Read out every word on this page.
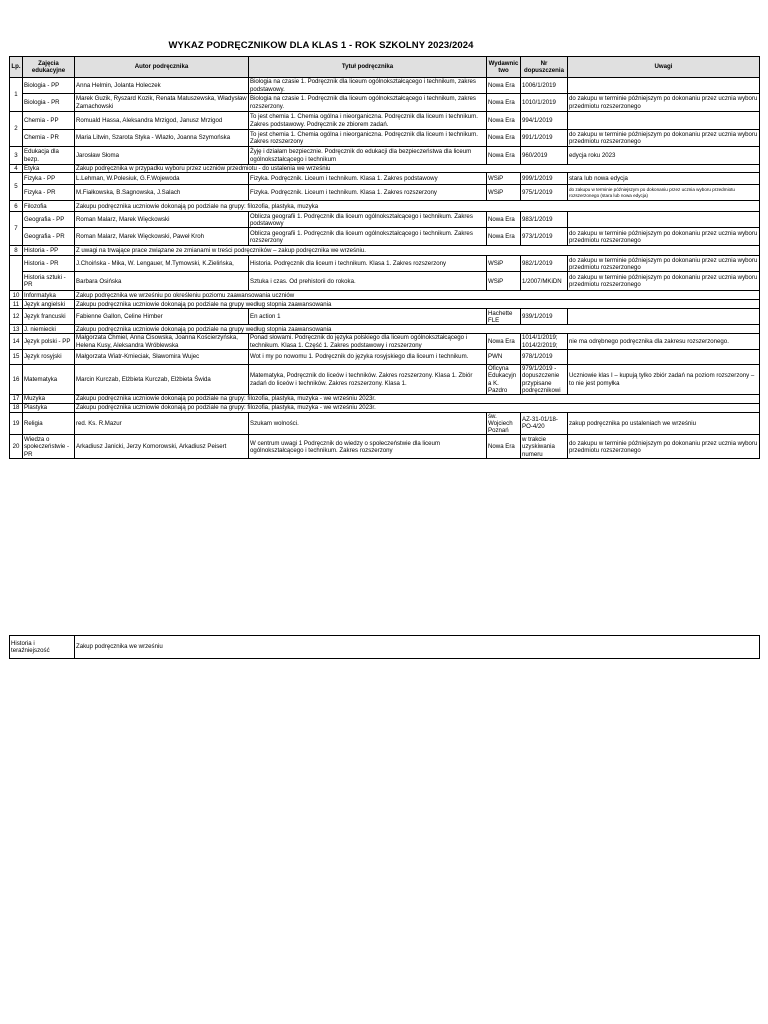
WYKAZ PODRĘCZNIKOW DLA KLAS 1 - ROK SZKOLNY 2023/2024
Lp.	Zajęcia edukacyjne	Autor podręcznika	Tytuł podręcznika	Wydawnictwo	Nr dopuszczenia	Uwagi
1	Biologia - PP	Anna Helmin, Jolanta Holeczek	Biologia na czasie 1. Podręcznik dla liceum ogólnokształcącego i technikum, zakres podstawowy.	Nowa Era	1006/1/2019	
	Biologia - PR	Marek Guzik, Ryszard Kozik, Renata Matuszewska, Władysław Zamachowski	Biologia na czasie 1. Podręcznik dla liceum ogólnokształcącego i technikum, zakres rozszerzony.	Nowa Era	1010/1/2019	do zakupu w terminie późniejszym po dokonaniu przez ucznia wyboru przedmiotu rozszerzonego
2	Chemia - PP	Romuald Hassa, Aleksandra Mrzigod, Janusz Mrzigod	To jest chemia 1. Chemia ogólna i nieorganiczna. Podręcznik dla liceum i technikum. Zakres podstawowy. Podręcznik ze zbiorem zadań.	Nowa Era	994/1/2019	
	Chemia - PR	Maria Litwin, Szarota Styka - Wlazło, Joanna Szymońska	To jest chemia 1. Chemia ogólna i nieorganiczna. Podręcznik dla liceum i technikum. Zakres rozszerzony	Nowa Era	991/1/2019	do zakupu w terminie późniejszym po dokonaniu przez ucznia wyboru przedmiotu rozszerzonego
3	Edukacja dla bezp.	Jarosław Słoma	Żyję i działam bezpiecznie. Podręcznik do edukacji dla bezpieczeństwa dla liceum ogólnokształcącego i technikum	Nowa Era	960/2019	edycja roku 2023
4	Etyka	Zakup podręcznika w przypadku wyboru przez uczniów przedmiotu - do ustalenia we wrześniu				
5	Fizyka - PP	L.Lehman, W.Polesiuk, G.F.Wojewoda	Fizyka. Podręcznik. Liceum i technikum. Klasa 1. Zakres podstawowy	WSiP	999/1/2019	stara lub nowa edycja
	Fizyka - PR	M.Fiałkowska, B.Sagnowska, J.Salach	Fizyka. Podręcznik. Liceum i technikum. Klasa 1. Zakres rozszerzony	WSiP	975/1/2019	do zakupu w terminie późniejszym po dokonaniu przez ucznia wyboru przedmiotu rozszerzonego (stara lub nowa edycja)
6	Filozofia	Zakupu podręcznika uczniowie dokonają po podziale na grupy: filozofia, plastyka, muzyka				
7	Geografia - PP	Roman Malarz, Marek Więckowski	Oblicza geografii 1. Podręcznik dla liceum ogólnokształcącego i technikum. Zakres podstawowy	Nowa Era	983/1/2019	
	Geografia - PR	Roman Malarz, Marek Więckowski, Paweł Kroh	Oblicza geografii 1. Podręcznik dla liceum ogólnokształcącego i technikum. Zakres rozszerzony	Nowa Era	973/1/2019	do zakupu w terminie późniejszym po dokonaniu przez ucznia wyboru przedmiotu rozszerzonego
8	Historia - PP	Z uwagi na trwające prace związane ze zmianami w treści podręczników – zakup podręcznika we wrześniu.				
	Historia - PR	J.Choińska - Mika, W. Lengauer, M.Tymowski, K.Zielińska,	Historia. Podręcznik dla liceum i technikum. Klasa 1. Zakres rozszerzony	WSiP	982/1/2019	do zakupu w terminie późniejszym po dokonaniu przez ucznia wyboru przedmiotu rozszerzonego
	Historia sztuki - PR	Barbara Osińska	Sztuka i czas. Od prehistorii do rokoka.	WSiP	1/2007/MKiDN	do zakupu w terminie późniejszym po dokonaniu przez ucznia wyboru przedmiotu rozszerzonego
10	Informatyka	Zakup podręcznika we wrześniu po określeniu poziomu zaawansowania uczniów				
11	Język angielski	Zakupu podręcznika uczniowie dokonają po podziale na grupy według stopnia zaawansowania				
12	Język francuski	Fabienne Gallon, Celine Himber	En action 1	Hachette FLE	939/1/2019	
13	J. niemiecki	Zakupu podręcznika uczniowie dokonają po podziale na grupy według stopnia zaawansowania				
14	Język polski - PP	Małgorzata Chmiel, Anna Cisowska, Joanna Kościerzyńska, Helena Kusy, Aleksandra Wróblewska	Ponad słowami. Podręcznik do języka polskiego dla liceum ogólnokształcącego i technikum. Klasa 1. Część 1. Zakres podstawowy i rozszerzony	Nowa Era	1014/1/2019; 1014/2/2019;	nie ma odrębnego podręcznika dla zakresu rozszerzonego.
15	Język rosyjski	Małgorzata Wiatr-Kmieciak, Sławomira Wujec	Wot i my po nowomu 1. Podręcznik do języka rosyjskiego dla liceum i technikum.	PWN	978/1/2019	
16	Matematyka	Marcin Kurczab, Elżbieta Kurczab, Elżbieta Świda	Matematyka, Podręcznik do liceów i techników. Zakres rozszerzony. Klasa 1. Zbiór zadań do liceów i techników. Zakres rozszerzony. Klasa 1.	Oficyna Edukacyjna K. Pazdro	979/1/2019 - dopuszczenie przypisane podręcznikowi	Uczniowie klas I – kupują tylko zbiór zadań na poziom rozszerzony – to nie jest pomyłka
17	Muzyka	Zakupu podręcznika uczniowie dokonają po podziale na grupy: filozofia, plastyka, muzyka - we wrześniu 2023r.				
18	Plastyka	Zakupu podręcznika uczniowie dokonają po podziale na grupy: filozofia, plastyka, muzyka - we wrześniu 2023r.				
19	Religia	red. Ks. R.Mazur	Szukam wolności.	św. Wojciech Poznań	AZ-31-01/18-PO-4/20	zakup podręcznika po ustaleniach we wrześniu
20	Wiedza o społeczeństwie - PR	Arkadiusz Janicki, Jerzy Komorowski, Arkadiusz Peisert	W centrum uwagi 1 Podręcznik do wiedzy o społeczeństwie dla liceum ogólnokształcącego i technikum. Zakres rozszerzony	Nowa Era	w trakcie uzyskiwania numeru	do zakupu w terminie późniejszym po dokonaniu przez ucznia wyboru przedmiotu rozszerzonego
Historia i teraźniejszość	Zakup podręcznika we wrześniu
